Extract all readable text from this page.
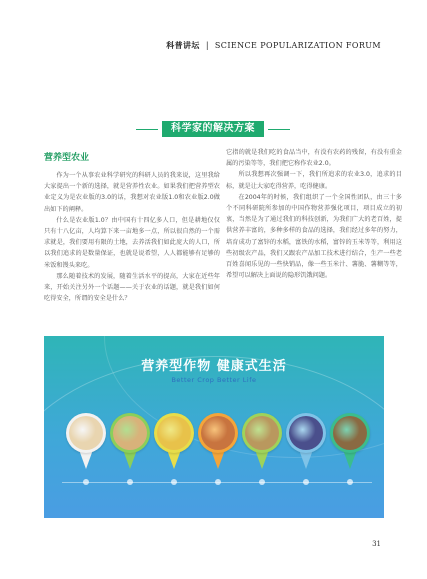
科普讲坛 | SCIENCE POPULARIZATION FORUM
科学家的解决方案
营养型农业

作为一个从事农业科学研究的科研人员的我来说，这里我给大家提出一个新的选择，就是营养性农业。如果我们把营养型农业定义为是农业版的3.0的话，我想对农业版1.0和农业版2.0做出如下的阐释。

什么是农业版1.0？由中国有十四亿多人口，但是耕地仅仅只有十八亿亩，人均算下来一亩地多一点，所以很自然的一个需求就是，我们要用有限的土地，去养活我们如此庞大的人口，所以我们追求的是数量保证，也就是说希望，人人都能够有足够的米饭和馒头来吃。

那么随着技术的发展，随着生活水平的提高，大家在近些年来，开始关注另外一个话题——关于农业的话题，就是我们如何吃得安全，所谓的安全是什么？

它指的就是我们吃的食品当中，有没有农药的残留，有没有重金属的污染等等，我们把它称作农业2.0。

所以我想再次强调一下，我们所追求的农业3.0，追求的目标，就是让大家吃得营养，吃得健康。

在2004年的时候，我们组织了一个全国性团队，由三十多个不同科研院所参加的中国作物营养强化项目，项目成立的初衷，当然是为了通过我们的科技创新，为我们广大的老百姓，提供营养丰富的，多种多样的食品的选择，我们经过多年的努力，培育成功了富锌的水稻，富铁的水稻，富锌的玉米等等，利用这些初级农产品，我们又跟农产品加工技术进行结合，生产一些老百姓喜闻乐见的一些快销品，像一些玉米汁、薯脆、薯糊等等，希望可以解决上面说的隐形饥饿问题。

营养型作物 健康式生活
Better Crop Better Life
31
